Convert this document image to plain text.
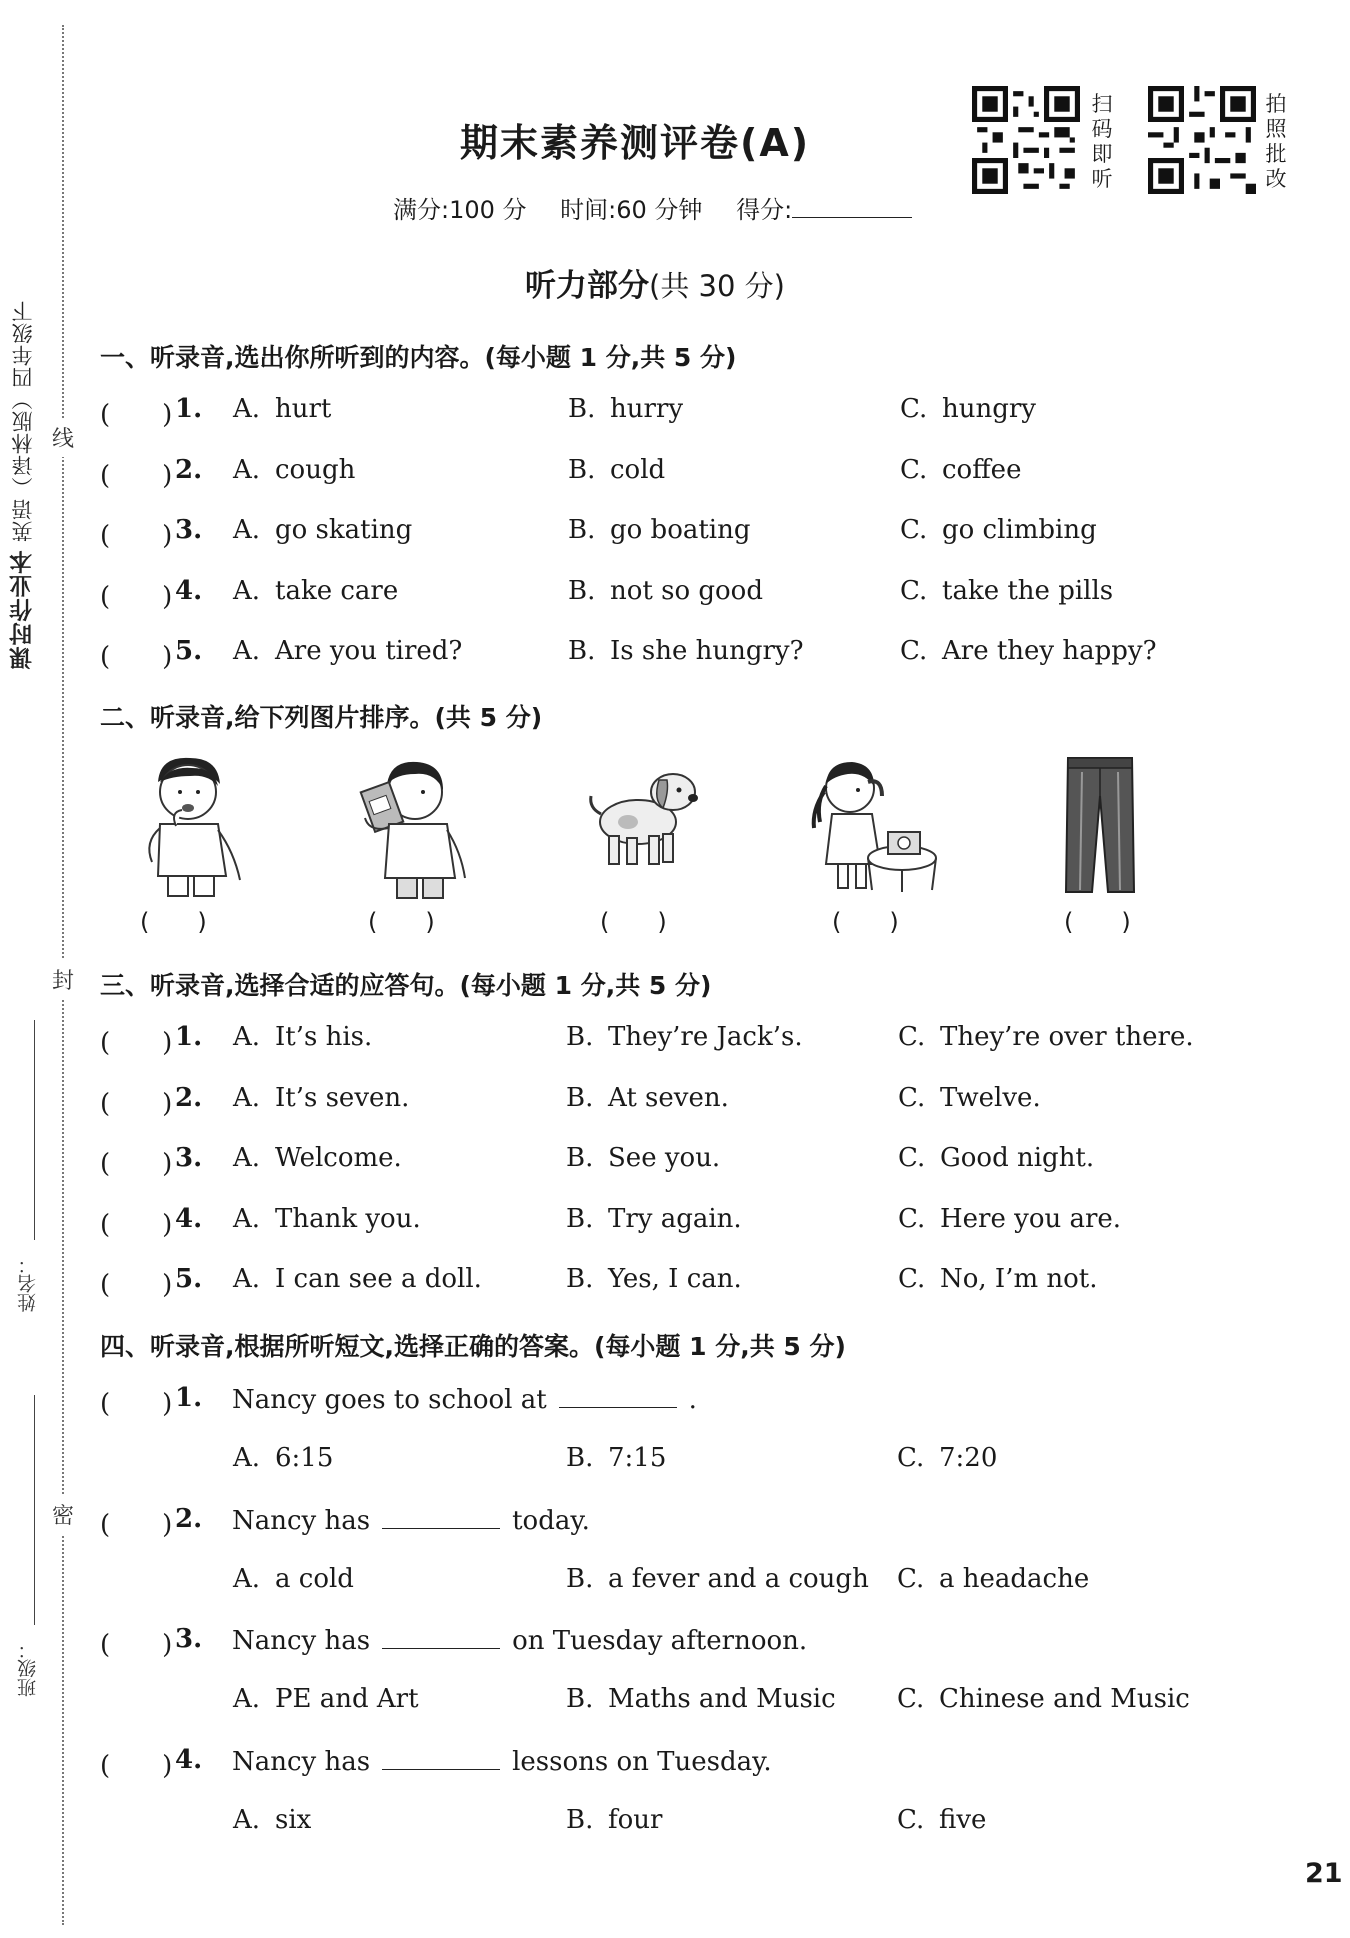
线
封
密
课时作业本 英语（译林版）四年级下
姓名：
班级：
期末素养测评卷(A)
满分:100 分 时间:60 分钟 得分:
扫码即听
拍照批改
听力部分(共 30 分)
一、听录音,选出你所听到的内容。(每小题 1 分,共 5 分)
(　　) 1. A. hurt	B. hurry	C. hungry
(　　) 2. A. cough	B. cold	C. coffee
(　　) 3. A. go skating	B. go boating	C. go climbing
(　　) 4. A. take care	B. not so good	C. take the pills
(　　) 5. A. Are you tired?	B. Is she hungry?	C. Are they happy?
二、听录音,给下列图片排序。(共 5 分)
(　　)	(　　)	(　　)	(　　)	(　　)
三、听录音,选择合适的应答句。(每小题 1 分,共 5 分)
(　　) 1. A. It’s his.	B. They’re Jack’s.	C. They’re over there.
(　　) 2. A. It’s seven.	B. At seven.	C. Twelve.
(　　) 3. A. Welcome.	B. See you.	C. Good night.
(　　) 4. A. Thank you.	B. Try again.	C. Here you are.
(　　) 5. A. I can see a doll.	B. Yes, I can.	C. No, I’m not.
四、听录音,根据所听短文,选择正确的答案。(每小题 1 分,共 5 分)
(　　) 1. Nancy goes to school at	.
A. 6:15	B. 7:15	C. 7:20
(　　) 2. Nancy has	today.
A. a cold	B. a fever and a cough C. a headache
(　　) 3. Nancy has	on Tuesday afternoon.
A. PE and Art	B. Maths and Music C. Chinese and Music
(　　) 4. Nancy has	lessons on Tuesday.
A. six	B. four	C. five
21
